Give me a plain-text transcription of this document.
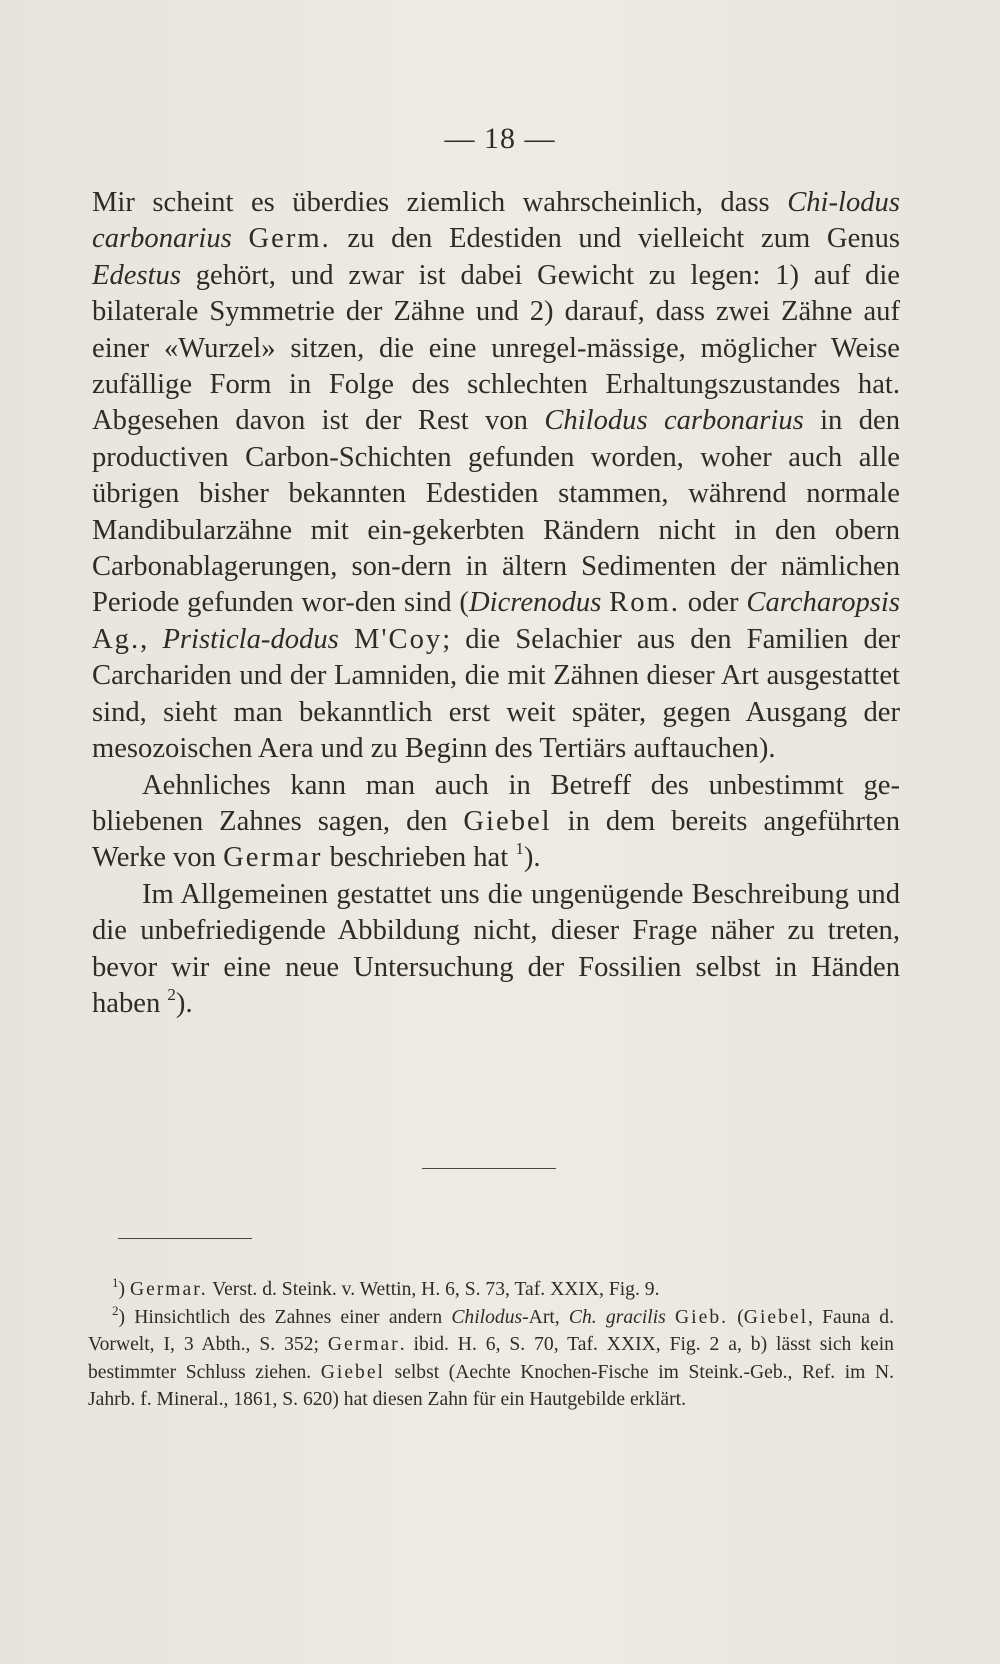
— 18 —

Mir scheint es überdies ziemlich wahrscheinlich, dass Chi-lodus carbonarius Germ. zu den Edestiden und vielleicht zum Genus Edestus gehört, und zwar ist dabei Gewicht zu legen: 1) auf die bilaterale Symmetrie der Zähne und 2) darauf, dass zwei Zähne auf einer «Wurzel» sitzen, die eine unregel-mässige, möglicher Weise zufällige Form in Folge des schlechten Erhaltungszustandes hat. Abgesehen davon ist der Rest von Chilodus carbonarius in den productiven Carbon-Schichten gefunden worden, woher auch alle übrigen bisher bekannten Edestiden stammen, während normale Mandibularzähne mit ein-gekerbten Rändern nicht in den obern Carbonablagerungen, son-dern in ältern Sedimenten der nämlichen Periode gefunden wor-den sind (Dicrenodus Rom. oder Carcharopsis Ag., Pristicla-dodus M'Coy; die Selachier aus den Familien der Carchariden und der Lamniden, die mit Zähnen dieser Art ausgestattet sind, sieht man bekanntlich erst weit später, gegen Ausgang der mesozoischen Aera und zu Beginn des Tertiärs auftauchen).

Aehnliches kann man auch in Betreff des unbestimmt ge-bliebenen Zahnes sagen, den Giebel in dem bereits angeführten Werke von Germar beschrieben hat $^1$).

Im Allgemeinen gestattet uns die ungenügende Beschreibung und die unbefriedigende Abbildung nicht, dieser Frage näher zu treten, bevor wir eine neue Untersuchung der Fossilien selbst in Händen haben $^2$).

$^1$) Germar. Verst. d. Steink. v. Wettin, H. 6, S. 73, Taf. XXIX, Fig. 9.

$^2$) Hinsichtlich des Zahnes einer andern Chilodus-Art, Ch. gracilis Gieb. (Giebel, Fauna d. Vorwelt, I, 3 Abth., S. 352; Germar. ibid. H. 6, S. 70, Taf. XXIX, Fig. 2 a, b) lässt sich kein bestimmter Schluss ziehen. Giebel selbst (Aechte Knochen-Fische im Steink.-Geb., Ref. im N. Jahrb. f. Mineral., 1861, S. 620) hat diesen Zahn für ein Hautgebilde erklärt.
